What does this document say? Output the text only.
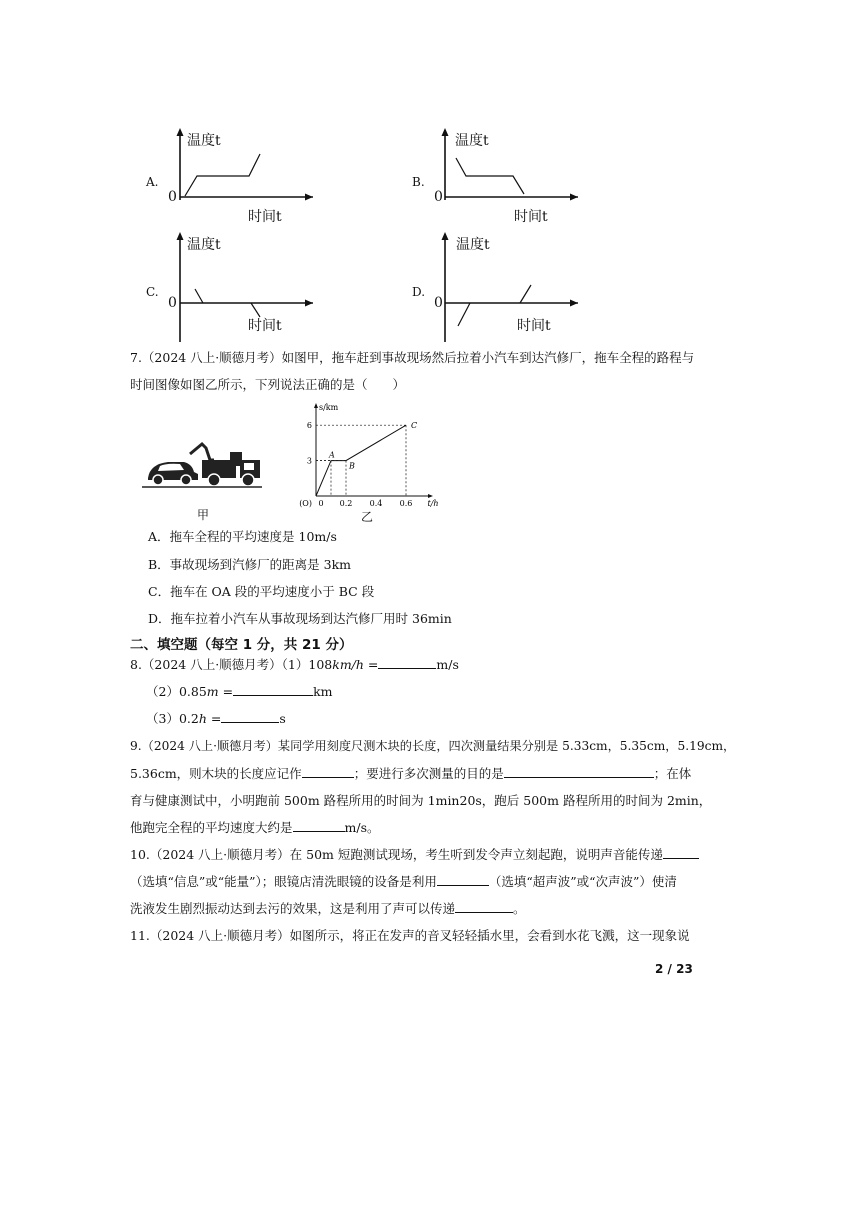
A.
温度t
0
时间t
B.
温度t
0
时间t
C.
温度t
0
时间t
D.
温度t
0
时间t
7.（2024 八上·顺德月考）如图甲，拖车赶到事故现场然后拉着小汽车到达汽修厂，拖车全程的路程与
时间图像如图乙所示，下列说法正确的是（　　）
甲
A
B
C
3
6
0.2 0.4 0.6
0
(O)
s/km
t/h
乙
A．拖车全程的平均速度是 10m/s
B．事故现场到汽修厂的距离是 3km
C．拖车在 OA 段的平均速度小于 BC 段
D．拖车拉着小汽车从事故现场到达汽修厂用时 36min
二、填空题（每空 1 分，共 21 分）
8.（2024 八上·顺德月考）（1）108km/h =	m/s
（2）0.85m =	km
（3）0.2h =	s
9.（2024 八上·顺德月考）某同学用刻度尺测木块的长度，四次测量结果分别是 5.33cm，5.35cm，5.19cm，
5.36cm，则木块的长度应记作	；要进行多次测量的目的是	；在体
育与健康测试中，小明跑前 500m 路程所用的时间为 1min20s，跑后 500m 路程所用的时间为 2min，
他跑完全程的平均速度大约是	m/s。
10.（2024 八上·顺德月考）在 50m 短跑测试现场，考生听到发令声立刻起跑，说明声音能传递
（选填“信息”或“能量”）；眼镜店清洗眼镜的设备是利用	（选填“超声波”或“次声波”）使清
洗液发生剧烈振动达到去污的效果，这是利用了声可以传递	。
11.（2024 八上·顺德月考）如图所示，将正在发声的音叉轻轻插水里，会看到水花飞溅，这一现象说
2 / 23
